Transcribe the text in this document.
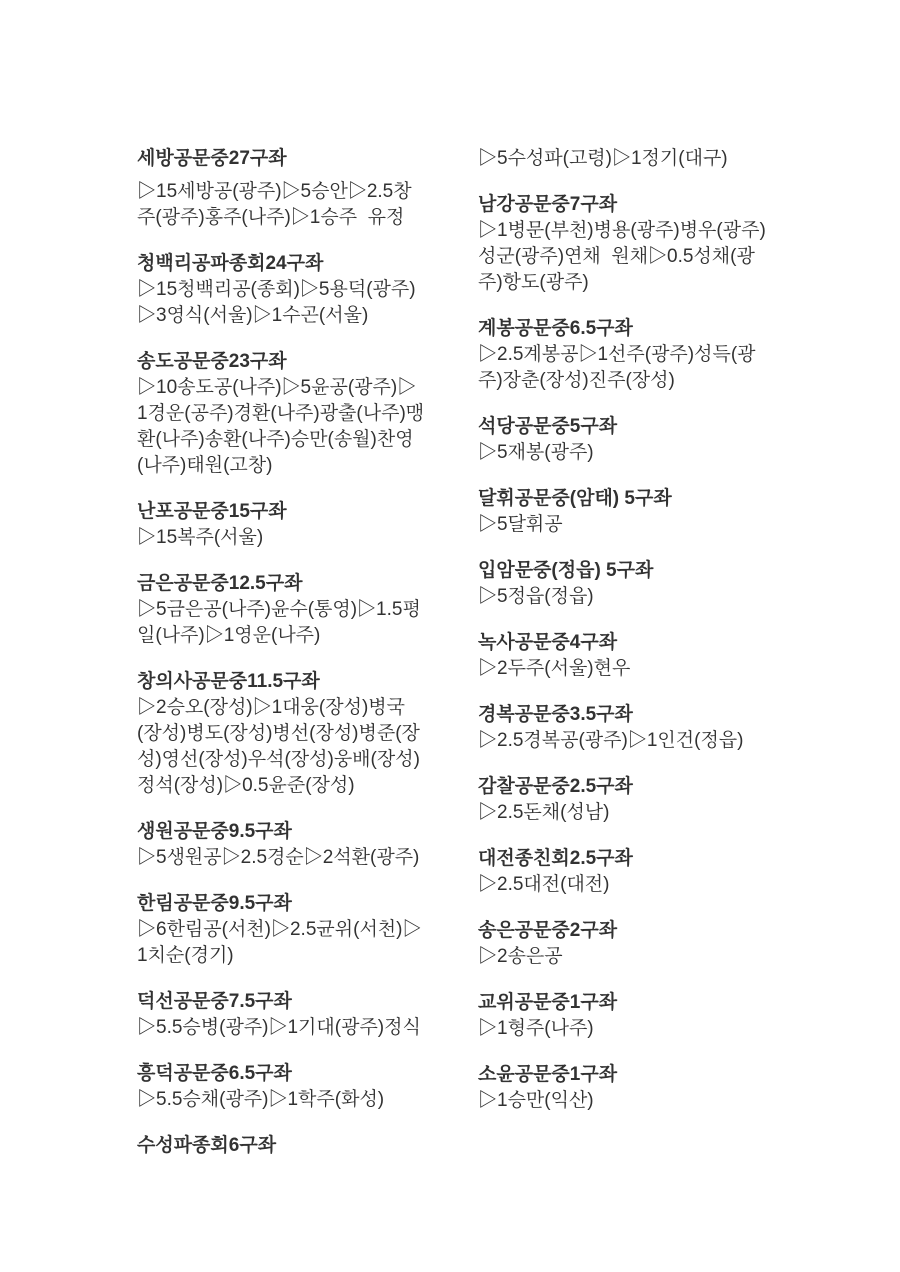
세방공문중27구좌

▷15세방공(광주)▷5승안▷2.5창주(광주)홍주(나주)▷1승주  유정

청백리공파종회24구좌

▷15청백리공(종회)▷5용덕(광주)▷3영식(서울)▷1수곤(서울)

송도공문중23구좌

▷10송도공(나주)▷5윤공(광주)▷1경운(공주)경환(나주)광출(나주)맹환(나주)송환(나주)승만(송월)찬영(나주)태원(고창)

난포공문중15구좌

▷15복주(서울)

금은공문중12.5구좌

▷5금은공(나주)윤수(통영)▷1.5평일(나주)▷1영운(나주)

창의사공문중11.5구좌

▷2승오(장성)▷1대웅(장성)병국(장성)병도(장성)병선(장성)병준(장성)영선(장성)우석(장성)웅배(장성)정석(장성)▷0.5윤준(장성)

생원공문중9.5구좌

▷5생원공▷2.5경순▷2석환(광주)

한림공문중9.5구좌

▷6한림공(서천)▷2.5균위(서천)▷1치순(경기)

덕선공문중7.5구좌

▷5.5승병(광주)▷1기대(광주)정식

흥덕공문중6.5구좌

▷5.5승채(광주)▷1학주(화성)

수성파종회6구좌

▷5수성파(고령)▷1정기(대구)

남강공문중7구좌

▷1병문(부천)병용(광주)병우(광주)성군(광주)연채  원채▷0.5성채(광주)항도(광주)

계봉공문중6.5구좌

▷2.5계봉공▷1선주(광주)성득(광주)장춘(장성)진주(장성)

석당공문중5구좌

▷5재봉(광주)

달휘공문중(암태) 5구좌

▷5달휘공

입암문중(정읍) 5구좌

▷5정읍(정읍)

녹사공문중4구좌

▷2두주(서울)현우

경복공문중3.5구좌

▷2.5경복공(광주)▷1인건(정읍)

감찰공문중2.5구좌

▷2.5돈채(성남)

대전종친회2.5구좌

▷2.5대전(대전)

송은공문중2구좌

▷2송은공

교위공문중1구좌

▷1형주(나주)

소윤공문중1구좌

▷1승만(익산)
